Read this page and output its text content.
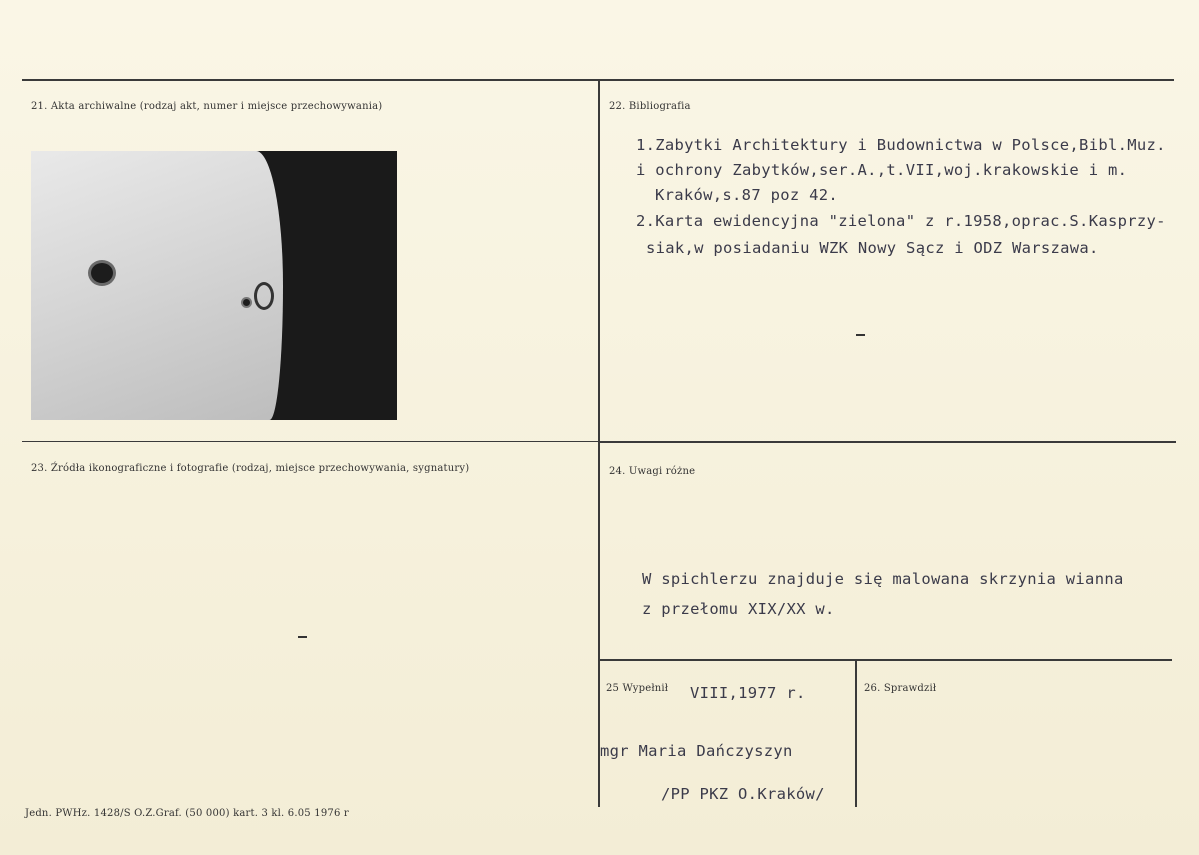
21. Akta archiwalne (rodzaj akt, numer i miejsce przechowywania)	22. Bibliografia
1.Zabytki Architektury i Budownictwa w Polsce,Bibl.Muz.
i ochrony Zabytków,ser.A.,t.VII,woj.krakowskie i m.
Kraków,s.87 poz 42.
2.Karta ewidencyjna "zielona" z r.1958,oprac.S.Kasprzy-
siak,w posiadaniu WZK Nowy Sącz i ODZ Warszawa.
23. Źródła ikonograficzne i fotografie (rodzaj, miejsce przechowywania, sygnatury)	24. Uwagi różne
W spichlerzu znajduje się malowana skrzynia wianna
z przełomu XIX/XX w.
25 Wypełnił VIII,1977 r.
mgr Maria Dańczyszyn
/PP PKZ O.Kraków/
26. Sprawdził
Jedn. PWHz. 1428/S O.Z.Graf. (50 000) kart. 3 kl. 6.05 1976 r
